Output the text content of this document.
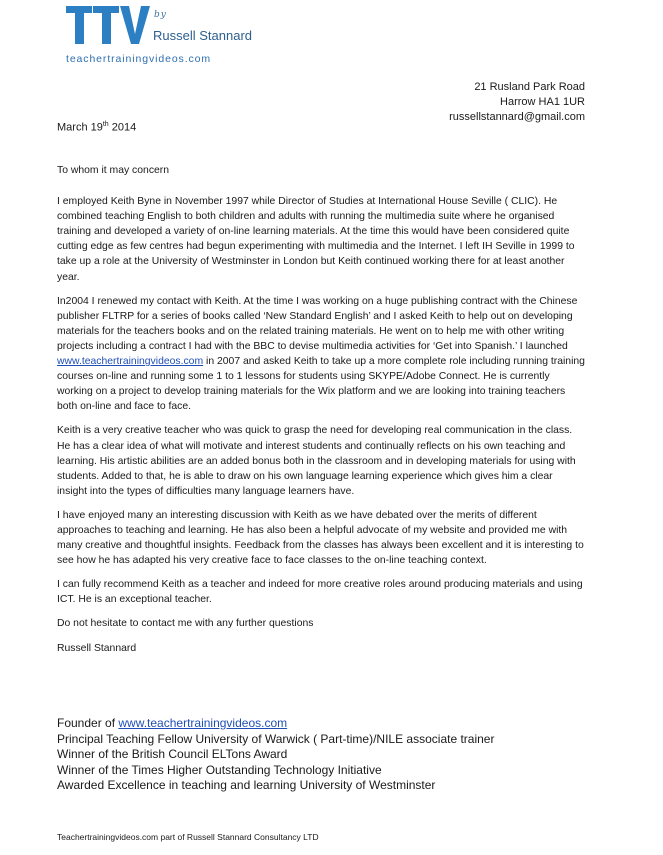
by
Russell Stannard
teachertrainingvideos.com
21 Rusland Park Road
Harrow HA1 1UR
russellstannard@gmail.com
March 19th 2014

To whom it may concern

I employed Keith Byne in November 1997 while Director of Studies at International House Seville ( CLIC). He combined teaching English to both children and adults with running the multimedia suite where he organised training and developed a variety of on-line learning materials. At the time this would have been considered quite cutting edge as few centres had begun experimenting with multimedia and the Internet. I left IH Seville in 1999 to take up a role at the University of Westminster in London but Keith continued working there for at least another year.

In2004 I renewed my contact with Keith. At the time I was working on a huge publishing contract with the Chinese publisher FLTRP for a series of books called ‘New Standard English’ and I asked Keith to help out on developing materials for the teachers books and on the related training materials. He went on to help me with other writing projects including a contract I had with the BBC to devise multimedia activities for ‘Get into Spanish.’ I launched www.teachertrainingvideos.com in 2007 and asked Keith to take up a more complete role including running training courses on-line and running some 1 to 1 lessons for students using SKYPE/Adobe Connect. He is currently working on a project to develop training materials for the Wix platform and we are looking into training teachers both on-line and face to face.

Keith is a very creative teacher who was quick to grasp the need for developing real communication in the class. He has a clear idea of what will motivate and interest students and continually reflects on his own teaching and learning. His artistic abilities are an added bonus both in the classroom and in developing materials for using with students. Added to that, he is able to draw on his own language learning experience which gives him a clear insight into the types of difficulties many language learners have.

I have enjoyed many an interesting discussion with Keith as we have debated over the merits of different approaches to teaching and learning. He has also been a helpful advocate of my website and provided me with many creative and thoughtful insights. Feedback from the classes has always been excellent and it is interesting to see how he has adapted his very creative face to face classes to the on-line teaching context.

I can fully recommend Keith as a teacher and indeed for more creative roles around producing materials and using ICT. He is an exceptional teacher.

Do not hesitate to contact me with any further questions

Russell Stannard

Founder of www.teachertrainingvideos.com
Principal Teaching Fellow University of Warwick ( Part-time)/NILE associate trainer
Winner of the British Council ELTons Award
Winner of the Times Higher Outstanding Technology Initiative
Awarded Excellence in teaching and learning University of Westminster
Teachertrainingvideos.com part of Russell Stannard Consultancy LTD
